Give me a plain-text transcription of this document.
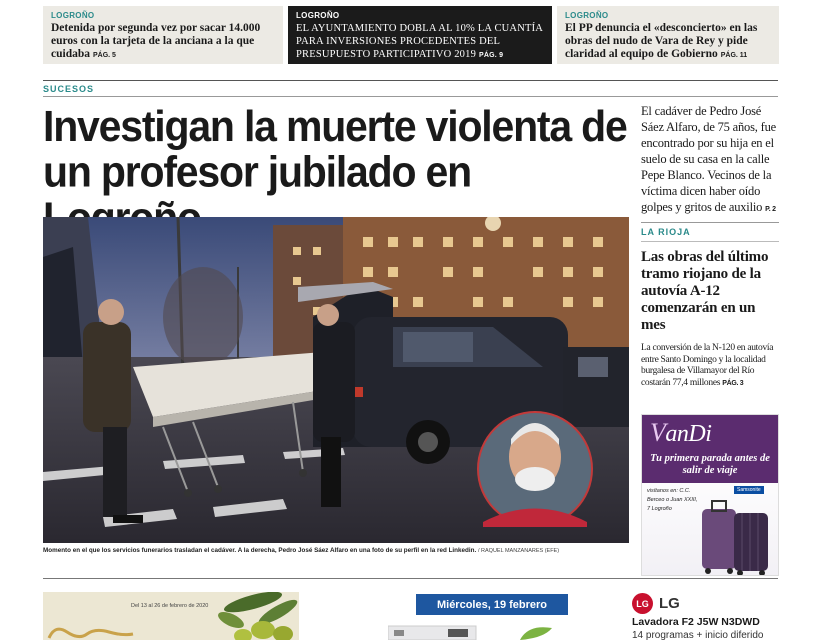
LOGROÑO
Detenida por segunda vez por sacar 14.000 euros con la tarjeta de la anciana a la que cuidaba PÁG. 5
LOGROÑO
EL AYUNTAMIENTO DOBLA AL 10% LA CUANTÍA PARA INVERSIONES PROCEDENTES DEL PRESUPUESTO PARTICIPATIVO 2019 PÁG. 9
LOGROÑO
El PP denuncia el «desconcierto» en las obras del nudo de Vara de Rey y pide claridad al equipo de Gobierno PÁG. 11
SUCESOS
Investigan la muerte violenta de un profesor jubilado en
Momento en el que los servicios funerarios trasladan el cadáver. A la derecha, Pedro José Sáez Alfaro en una foto de su perfil en la red Linkedin. / RAQUEL MANZANARES (EFE)

El cadáver de Pedro José Sáez Alfaro, de 75 años, fue encontrado por su hija en el suelo de su casa en la calle Pepe Blanco. Vecinos de la víctima dicen haber oído golpes y gritos de auxilio P. 2

LA RIOJA
Las obras del último tramo riojano de la autovía A-12 comenzarán en un mes

La conversión de la N-120 en autovía entre Santo Domingo y la localidad burgalesa de Villamayor del Río costarán 77,4 millones PÁG. 3

VanDi
Tu primera parada antes de salir de viaje
visítanos en: C.C. Berceo o Juan XXIII, 7 Logroño
Samsonite
Del 13 al 26 de febrero de 2020	Miércoles, 19 febrero	LG LG
Lavadora F2 J5W N3DWD
14 programas + inicio diferido
